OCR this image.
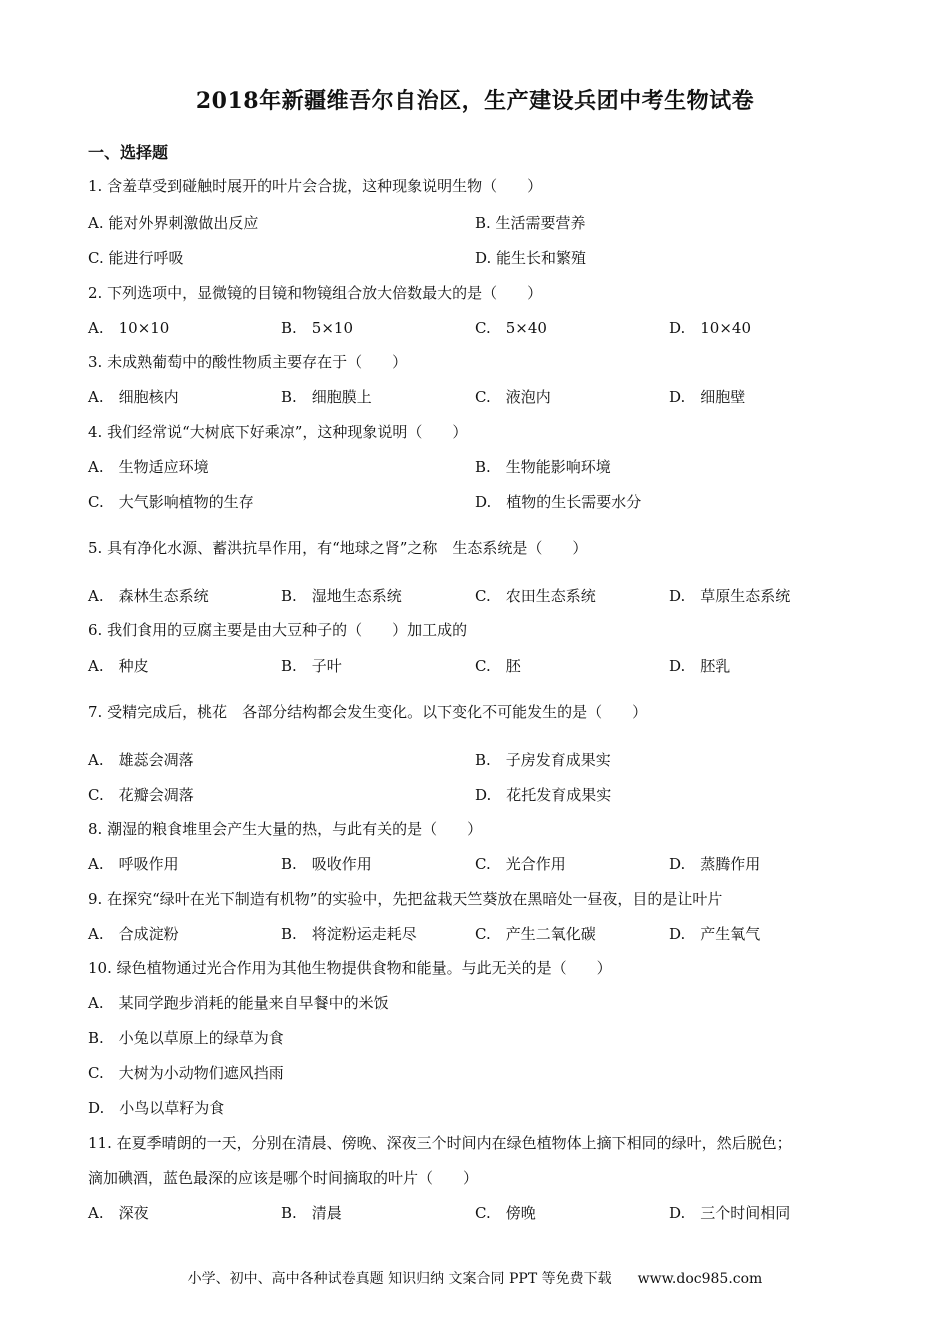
2018年新疆维吾尔自治区，生产建设兵团中考生物试卷
一、选择题
1. 含羞草受到碰触时展开的叶片会合拢，这种现象说明生物（　　）
A. 能对外界刺激做出反应	B. 生活需要营养
C. 能进行呼吸	D. 能生长和繁殖
2. 下列选项中，显微镜的目镜和物镜组合放大倍数最大的是（　　）
A.　10×10	B.　5×10	C.　5×40	D.　10×40
3. 未成熟葡萄中的酸性物质主要存在于（　　）
A.　细胞核内	B.　细胞膜上	C.　液泡内	D.　细胞壁
4. 我们经常说“大树底下好乘凉”，这种现象说明（　　）
A.　生物适应环境	B.　生物能影响环境
C.　大气影响植物的生存	D.　植物的生长需要水分
5. 具有净化水源、蓄洪抗旱作用，有“地球之肾”之称　生态系统是（　　）
A.　森林生态系统	B.　湿地生态系统	C.　农田生态系统	D.　草原生态系统
6. 我们食用的豆腐主要是由大豆种子的（　　）加工成的
A.　种皮	B.　子叶	C.　胚	D.　胚乳
7. 受精完成后，桃花　各部分结构都会发生变化。以下变化不可能发生的是（　　）
A.　雄蕊会凋落	B.　子房发育成果实
C.　花瓣会凋落	D.　花托发育成果实
8. 潮湿的粮食堆里会产生大量的热，与此有关的是（　　）
A.　呼吸作用	B.　吸收作用	C.　光合作用	D.　蒸腾作用
9. 在探究“绿叶在光下制造有机物”的实验中，先把盆栽天竺葵放在黑暗处一昼夜，目的是让叶片
A.　合成淀粉	B.　将淀粉运走耗尽	C.　产生二氧化碳	D.　产生氧气
10. 绿色植物通过光合作用为其他生物提供食物和能量。与此无关的是（　　）
A.　某同学跑步消耗的能量来自早餐中的米饭
B.　小兔以草原上的绿草为食
C.　大树为小动物们遮风挡雨
D.　小鸟以草籽为食
11. 在夏季晴朗的一天，分别在清晨、傍晚、深夜三个时间内在绿色植物体上摘下相同的绿叶，然后脱色；
滴加碘酒，蓝色最深的应该是哪个时间摘取的叶片（　　）
A.　深夜	B.　清晨	C.　傍晚	D.　三个时间相同
小学、初中、高中各种试卷真题 知识归纳 文案合同 PPT 等免费下载 www.doc985.com
